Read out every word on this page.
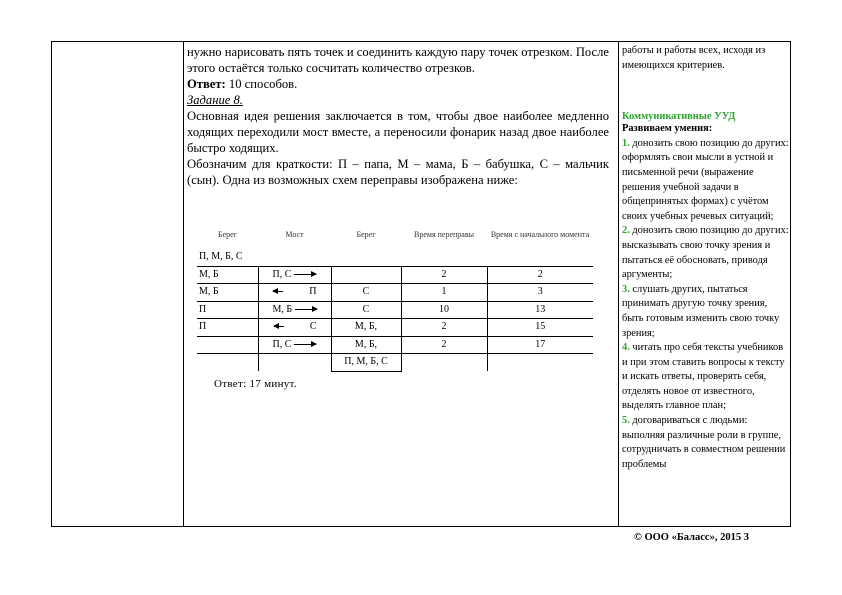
нужно нарисовать пять точек и соединить каждую пару точек отрезком. После этого остаётся только сосчитать количество отрезков.

Ответ: 10 способов.

Задание 8.

Основная идея решения заключается в том, чтобы двое наиболее медленно ходящих переходили мост вместе, а переносили фонарик назад двое наиболее быстро ходящих.

Обозначим для краткости: П – папа, М – мама, Б – бабушка, С – мальчик (сын). Одна из возможных схем переправы изображена ниже:

Берег	Мост	Берег	Время переправы	Время с начального момента
П, М, Б, С				
М, Б	П, С		2	2
М, Б	П	С	1	3
П	М, Б	С	10	13
П	С	М, Б,	2	15
	П, С	М, Б,	2	17
		П, М, Б, С		
Ответ: 17 минут.

работы и работы всех, исходя из имеющихся критериев.

Коммуникативные УУД

Развиваем умения:

1. донозить свою позицию до других: оформлять свои мысли в устной и письменной речи (выражение решения учебной задачи в общепринятых формах) с учётом своих учебных речевых ситуаций;

2. донозить свою позицию до других: высказывать свою точку зрения и пытаться её обосновать, приводя аргументы;

3. слушать других, пытаться принимать другую точку зрения, быть готовым изменить свою точку зрения;

4. читать про себя тексты учебников и при этом ставить вопросы к тексту и искать ответы, проверять себя, отделять новое от известного, выделять главное план;

5. договариваться с людьми: выполняя различные роли в группе, сотрудничать в совместном решении проблемы

© ООО «Баласс», 2015 3
